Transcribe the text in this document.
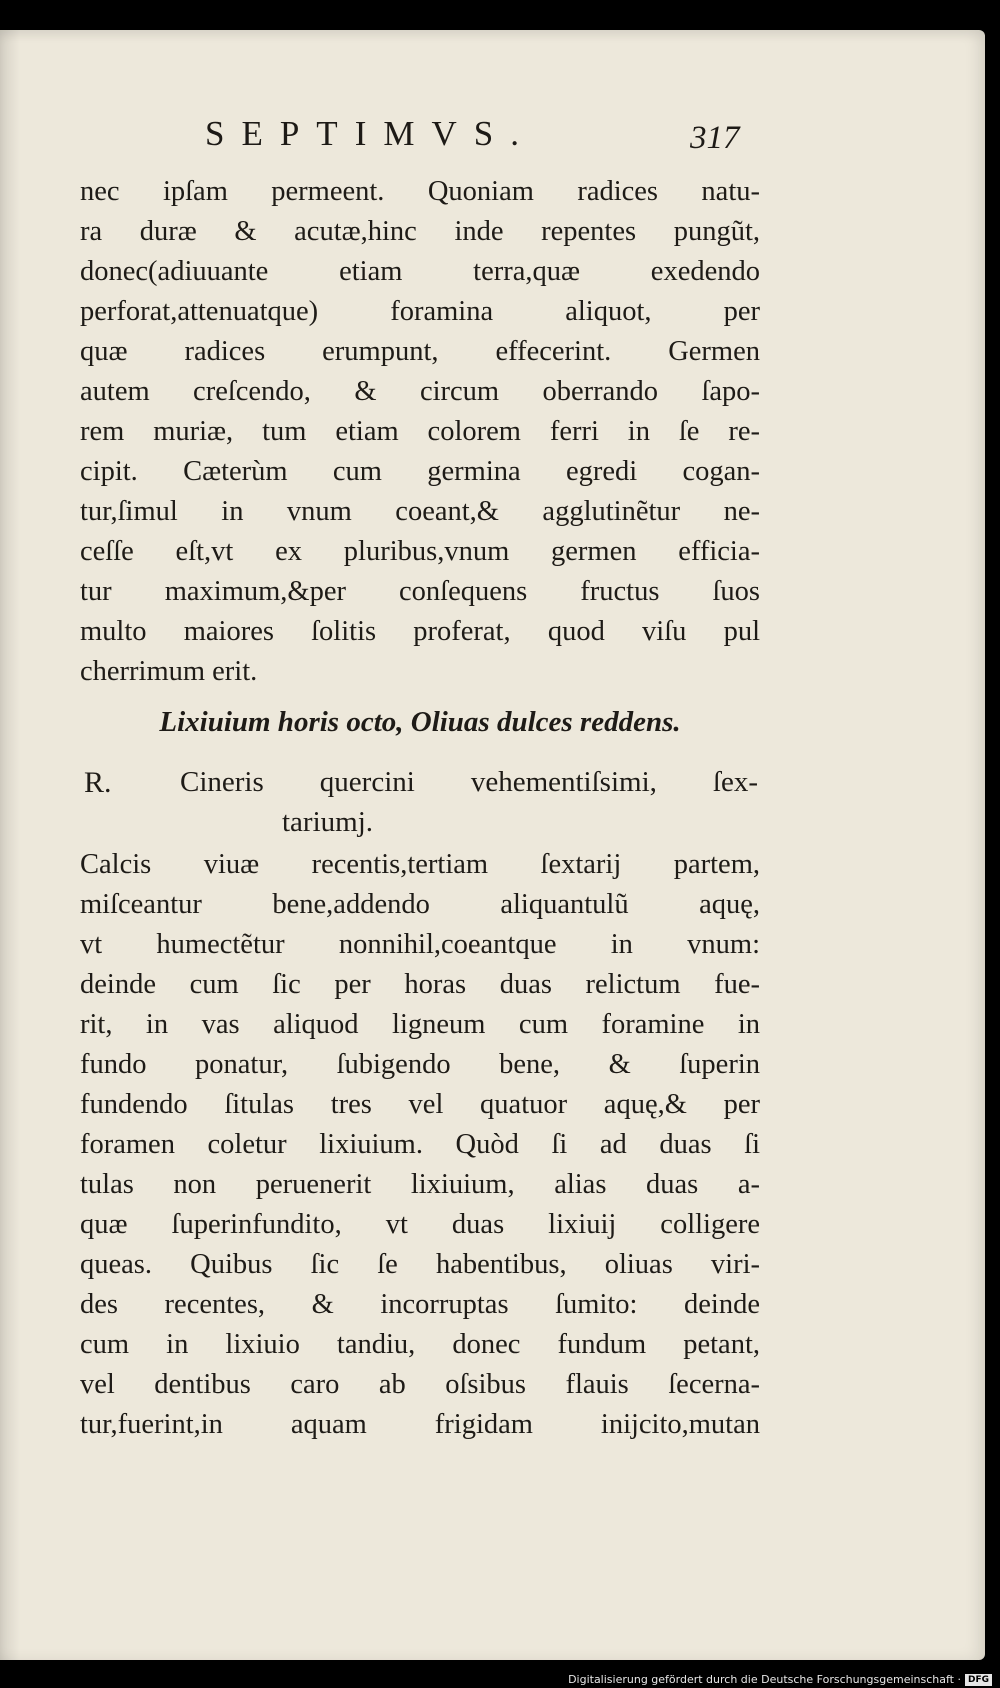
SEPTIMVS.	317
nec ipſam permeent. Quoniam radices natu-
ra duræ & acutæ,hinc inde repentes pungũt,
donec(adiuuante etiam terra,quæ exedendo
perforat,attenuatque) foramina aliquot, per
quæ radices erumpunt, effecerint. Germen
autem creſcendo, & circum oberrando ſapo-
rem muriæ, tum etiam colorem ferri in ſe re-
cipit. Cæterùm cum germina egredi cogan-
tur,ſimul in vnum coeant,& agglutinẽtur ne-
ceſſe eſt,vt ex pluribus,vnum germen efficia-
tur maximum,&per conſequens fructus ſuos
multo maiores ſolitis proferat, quod viſu pul
cherrimum erit.
Lixiuium horis octo, Oliuas dulces reddens.
R. Cineris quercini vehementiſsimi, ſex-
tariumj.
Calcis viuæ recentis,tertiam ſextarij partem,
miſceantur bene,addendo aliquantulũ aquę,
vt humectẽtur nonnihil,coeantque in vnum:
deinde cum ſic per horas duas relictum fue-
rit, in vas aliquod ligneum cum foramine in
fundo ponatur, ſubigendo bene, & ſuperin
fundendo ſitulas tres vel quatuor aquę,& per
foramen coletur lixiuium. Quòd ſi ad duas ſi
tulas non peruenerit lixiuium, alias duas a-
quæ ſuperinfundito, vt duas lixiuij colligere
queas. Quibus ſic ſe habentibus, oliuas viri-
des recentes, & incorruptas ſumito: deinde
cum in lixiuio tandiu, donec fundum petant,
vel dentibus caro ab oſsibus flauis ſecerna-
tur,fuerint,in aquam frigidam inijcito,mutan
Digitalisierung gefördert durch die Deutsche Forschungsgemeinschaft · DFG
